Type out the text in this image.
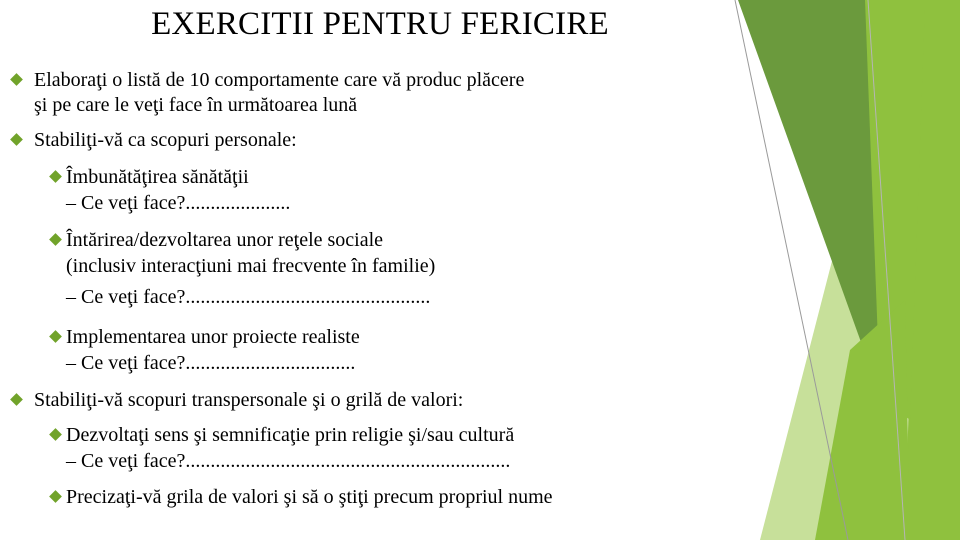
EXERCITII PENTRU FERICIRE
Elaboraţi o listă de 10 comportamente care vă produc plăcere
şi pe care le veţi face în următoarea lună
Stabiliţi-vă ca scopuri personale:
Îmbunătăţirea sănătăţii
– Ce veţi face?.....................
Întărirea/dezvoltarea unor reţele sociale
(inclusiv interacţiuni mai frecvente în familie)
– Ce veţi face?.................................................
Implementarea unor proiecte realiste
– Ce veţi face?..................................
Stabiliţi-vă scopuri transpersonale şi o grilă de valori:
Dezvoltaţi sens şi semnificaţie prin religie şi/sau cultură
– Ce veţi face?.................................................................
Precizaţi-vă grila de valori şi să o ştiţi precum propriul nume
